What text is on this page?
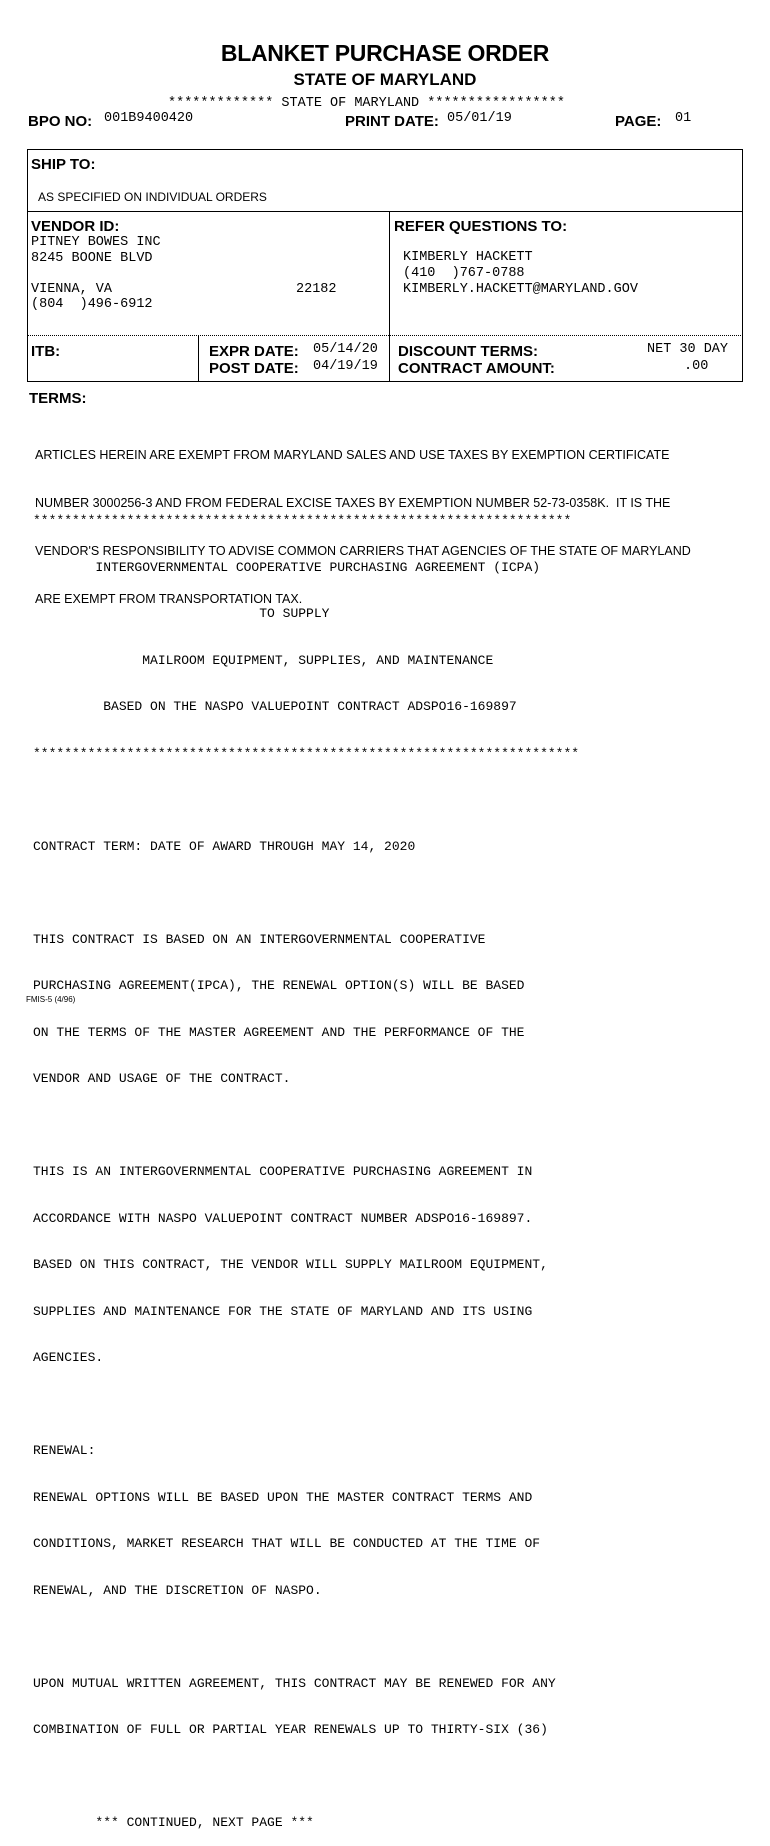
BLANKET PURCHASE ORDER
STATE OF MARYLAND
************* STATE OF MARYLAND *****************
BPO NO: 001B9400420	PRINT DATE: 05/01/19	PAGE: 01
SHIP TO:
AS SPECIFIED ON INDIVIDUAL ORDERS
VENDOR ID:
PITNEY BOWES INC
8245 BOONE BLVD
VIENNA, VA	22182
(804  )496-6912
REFER QUESTIONS TO:
KIMBERLY HACKETT
(410  )767-0788
KIMBERLY.HACKETT@MARYLAND.GOV
ITB:	EXPR DATE: 05/14/20
POST DATE: 04/19/19
DISCOUNT TERMS:	NET 30 DAY
CONTRACT AMOUNT:	.00
TERMS:

ARTICLES HEREIN ARE EXEMPT FROM MARYLAND SALES AND USE TAXES BY EXEMPTION CERTIFICATE

NUMBER 3000256-3 AND FROM FEDERAL EXCISE TAXES BY EXEMPTION NUMBER 52-73-0358K.  IT IS THE

VENDOR'S RESPONSIBILITY TO ADVISE COMMON CARRIERS THAT AGENCIES OF THE STATE OF MARYLAND

ARE EXEMPT FROM TRANSPORTATION TAX.

*********************************************************************

INTERGOVERNMENTAL COOPERATIVE PURCHASING AGREEMENT (ICPA)

TO SUPPLY

MAILROOM EQUIPMENT, SUPPLIES, AND MAINTENANCE

BASED ON THE NASPO VALUEPOINT CONTRACT ADSPO16-169897

**********************************************************************

CONTRACT TERM: DATE OF AWARD THROUGH MAY 14, 2020

THIS CONTRACT IS BASED ON AN INTERGOVERNMENTAL COOPERATIVE

PURCHASING AGREEMENT(IPCA), THE RENEWAL OPTION(S) WILL BE BASED

ON THE TERMS OF THE MASTER AGREEMENT AND THE PERFORMANCE OF THE

VENDOR AND USAGE OF THE CONTRACT.

THIS IS AN INTERGOVERNMENTAL COOPERATIVE PURCHASING AGREEMENT IN

ACCORDANCE WITH NASPO VALUEPOINT CONTRACT NUMBER ADSPO16-169897.

BASED ON THIS CONTRACT, THE VENDOR WILL SUPPLY MAILROOM EQUIPMENT,

SUPPLIES AND MAINTENANCE FOR THE STATE OF MARYLAND AND ITS USING

AGENCIES.

RENEWAL:

RENEWAL OPTIONS WILL BE BASED UPON THE MASTER CONTRACT TERMS AND

CONDITIONS, MARKET RESEARCH THAT WILL BE CONDUCTED AT THE TIME OF

RENEWAL, AND THE DISCRETION OF NASPO.

UPON MUTUAL WRITTEN AGREEMENT, THIS CONTRACT MAY BE RENEWED FOR ANY

COMBINATION OF FULL OR PARTIAL YEAR RENEWALS UP TO THIRTY-SIX (36)

*** CONTINUED, NEXT PAGE ***

FMIS-5 (4/96)
